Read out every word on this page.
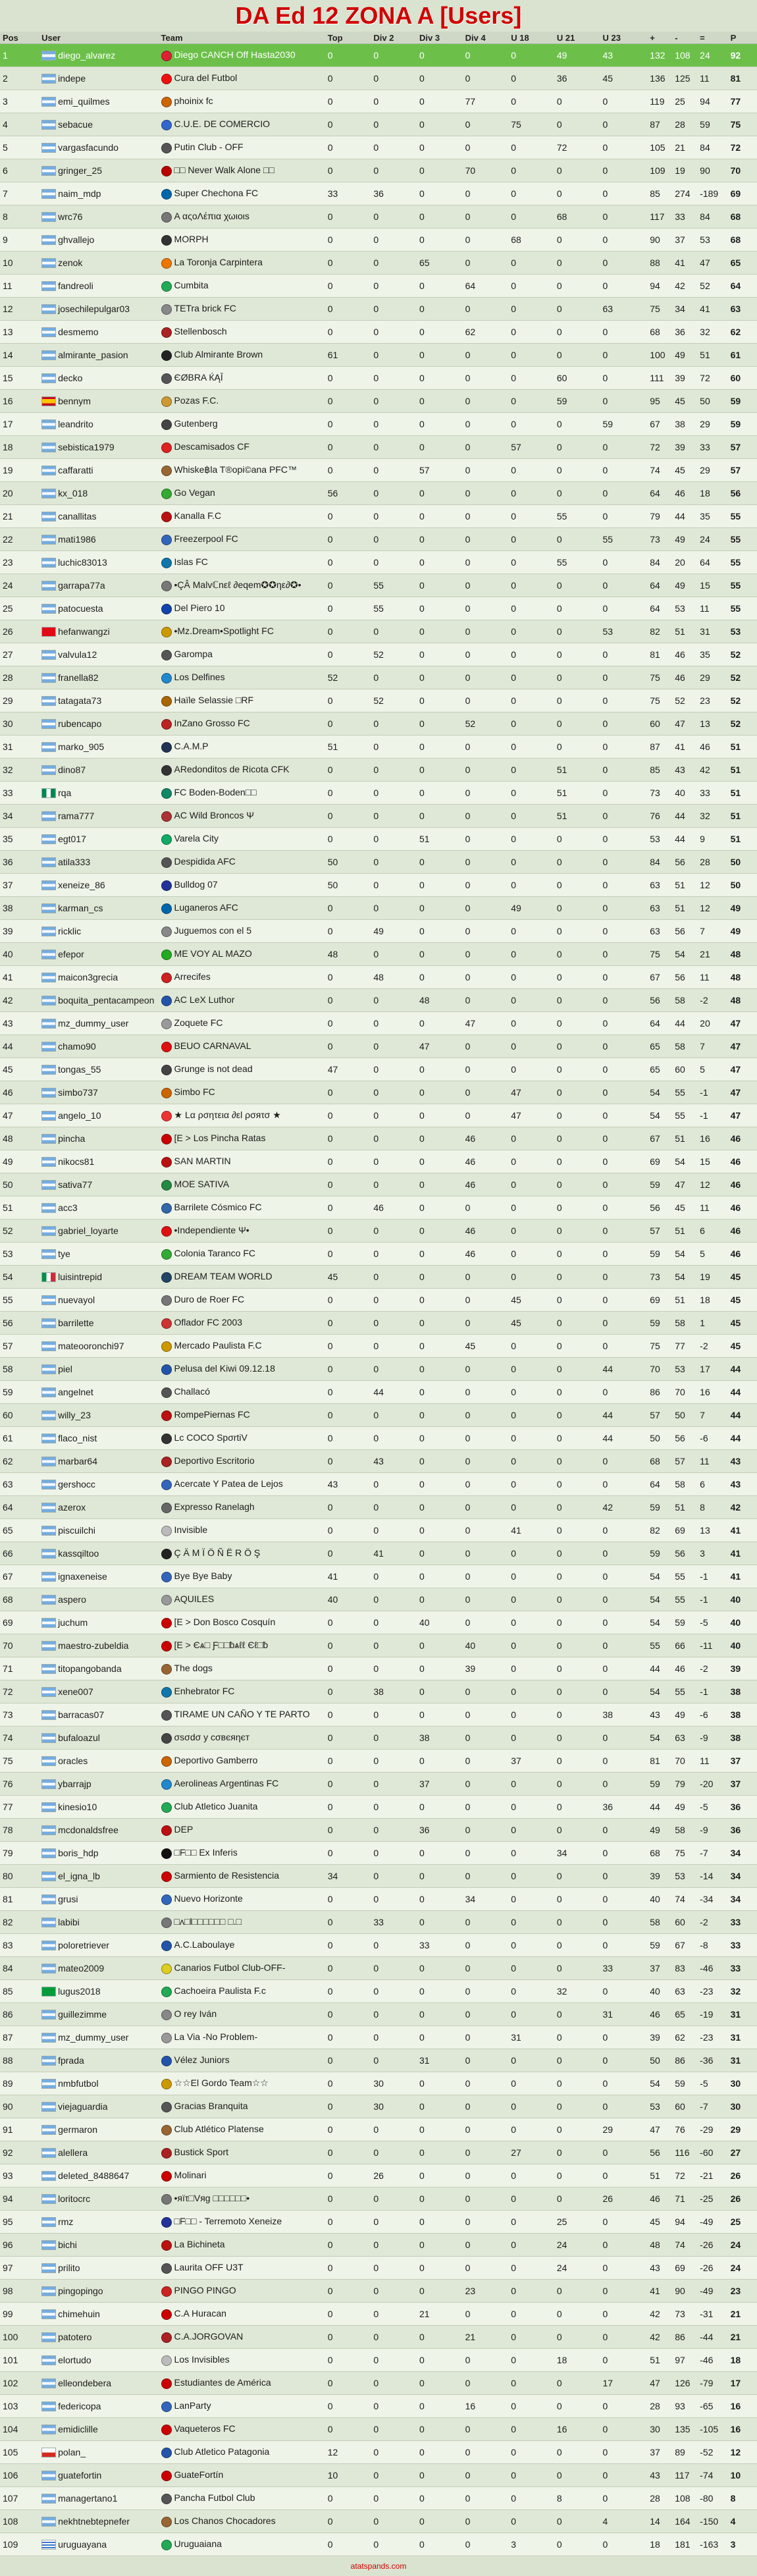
DA Ed 12 ZONA A [Users]
Pos	User	Team	Top	Div 2	Div 3	Div 4	U 18	U 21	U 23	+	-	=	P
1	diego_alvarez	Diego CANCH Off Hasta2030	0	0	0	0	0	49	43	132	108	24	92
2	indepe	Cura del Futbol	0	0	0	0	0	36	45	136	125	11	81
3	emi_quilmes	phoinix fc	0	0	0	77	0	0	0	119	25	94	77
4	sebacue	C.U.E. DE COMERCIO	0	0	0	0	75	0	0	87	28	59	75
5	vargasfacundo	Putin Club - OFF	0	0	0	0	0	72	0	105	21	84	72
6	gringer_25	□□ Never Walk Alone □□	0	0	0	70	0	0	0	109	19	90	70
7	naim_mdp	Super Chechona FC	33	36	0	0	0	0	0	85	274	-189	69
8	wrc76	A αςοΛέπια χωιοιs	0	0	0	0	0	68	0	117	33	84	68
9	ghvallejo	MORPH	0	0	0	0	68	0	0	90	37	53	68
10	zenok	La Toronja Carpintera	0	0	65	0	0	0	0	88	41	47	65
11	fandreoli	Cumbita	0	0	0	64	0	0	0	94	42	52	64
12	josechilepulgar03	TETra brick FC	0	0	0	0	0	0	63	75	34	41	63
13	desmemo	Stellenbosch	0	0	0	62	0	0	0	68	36	32	62
14	almirante_pasion	Club Almirante Brown	61	0	0	0	0	0	0	100	49	51	61
15	decko	ЄØBRA ЌĄĪ	0	0	0	0	0	60	0	111	39	72	60
16	bennym	Pozas F.C.	0	0	0	0	0	59	0	95	45	50	59
17	leandrito	Gutenberg	0	0	0	0	0	0	59	67	38	29	59
18	sebistica1979	Descamisados CF	0	0	0	0	57	0	0	72	39	33	57
19	caffaratti	Whiske฿la T®opi©ana PFC™	0	0	57	0	0	0	0	74	45	29	57
20	kx_018	Go Vegan	56	0	0	0	0	0	0	64	46	18	56
21	canallitas	Kanalla F.C	0	0	0	0	0	55	0	79	44	35	55
22	mati1986	Freezerpool FC	0	0	0	0	0	0	55	73	49	24	55
23	luchic83013	Islas FC	0	0	0	0	0	55	0	84	20	64	55
24	garrapa77a	•ÇÂ Malvℂnεℓ ∂eqem✪✪ηε∂✪•	0	55	0	0	0	0	0	64	49	15	55
25	patocuesta	Del Piero 10	0	55	0	0	0	0	0	64	53	11	55
26	hefanwangzi	•Mz.Dream•Spotlight FC	0	0	0	0	0	0	53	82	51	31	53
27	valvula12	Garompa	0	52	0	0	0	0	0	81	46	35	52
28	franella82	Los Delfines	52	0	0	0	0	0	0	75	46	29	52
29	tatagata73	Haïle Selassie □RF	0	52	0	0	0	0	0	75	52	23	52
30	rubencapo	InZano Grosso FC	0	0	0	52	0	0	0	60	47	13	52
31	marko_905	C.A.M.P	51	0	0	0	0	0	0	87	41	46	51
32	dino87	ARedonditos de Ricota CFK	0	0	0	0	0	51	0	85	43	42	51
33	rqa	FC Boden-Boden□□	0	0	0	0	0	51	0	73	40	33	51
34	rama777	AC Wild Broncos Ψ	0	0	0	0	0	51	0	76	44	32	51
35	egt017	Varela City	0	0	51	0	0	0	0	53	44	9	51
36	atila333	Despidida AFC	50	0	0	0	0	0	0	84	56	28	50
37	xeneize_86	Bulldog 07	50	0	0	0	0	0	0	63	51	12	50
38	karman_cs	Luganeros AFC	0	0	0	0	49	0	0	63	51	12	49
39	ricklic	Juguemos con el 5	0	49	0	0	0	0	0	63	56	7	49
40	efepor	ME VOY AL MAZO	48	0	0	0	0	0	0	75	54	21	48
41	maicon3grecia	Arrecifes	0	48	0	0	0	0	0	67	56	11	48
42	boquita_pentacampeon	AC LeX Luthor	0	0	48	0	0	0	0	56	58	-2	48
43	mz_dummy_user	Zoquete FC	0	0	0	47	0	0	0	64	44	20	47
44	chamo90	BEUO CARNAVAL	0	0	47	0	0	0	0	65	58	7	47
45	tongas_55	Grunge is not dead	47	0	0	0	0	0	0	65	60	5	47
46	simbo737	Simbo FC	0	0	0	0	47	0	0	54	55	-1	47
47	angelo_10	★ Lα ρσητεια ∂εl ρσяτσ ★	0	0	0	0	47	0	0	54	55	-1	47
48	pincha	[E > Los Pincha Ratas	0	0	0	46	0	0	0	67	51	16	46
49	nikocs81	SAN MARTIN	0	0	0	46	0	0	0	69	54	15	46
50	sativa77	MOE SATIVA	0	0	0	46	0	0	0	59	47	12	46
51	acc3	Barrilete Cósmico FC	0	46	0	0	0	0	0	56	45	11	46
52	gabriel_loyarte	•Independiente Ψ•	0	0	0	46	0	0	0	57	51	6	46
53	tye	Colonia Taranco FC	0	0	0	46	0	0	0	59	54	5	46
54	luisintrepid	DREAM TEAM WORLD	45	0	0	0	0	0	0	73	54	19	45
55	nuevayol	Duro de Roer FC	0	0	0	0	45	0	0	69	51	18	45
56	barrilette	Oflador FC 2003	0	0	0	0	45	0	0	59	58	1	45
57	mateooronchi97	Mercado Paulista F.C	0	0	0	45	0	0	0	75	77	-2	45
58	piel	Pelusa del Kiwi 09.12.18	0	0	0	0	0	0	44	70	53	17	44
59	angelnet	Challacó	0	44	0	0	0	0	0	86	70	16	44
60	willy_23	RompePiernas FC	0	0	0	0	0	0	44	57	50	7	44
61	flaco_nist	Lc COCO SpσrtiV	0	0	0	0	0	0	44	50	56	-6	44
62	marbar64	Deportivo Escritorio	0	43	0	0	0	0	0	68	57	11	43
63	gershocc	Acercate Y Patea de Lejos	43	0	0	0	0	0	0	64	58	6	43
64	azerox	Expresso Ranelagh	0	0	0	0	0	0	42	59	51	8	42
65	piscuilchi	Invisible	0	0	0	0	41	0	0	82	69	13	41
66	kassqiltoo	Ç Ä M Ï Ö Ñ Ë R Ö Ş	0	41	0	0	0	0	0	59	56	3	41
67	ignaxeneise	Bye Bye Baby	41	0	0	0	0	0	0	54	55	-1	41
68	aspero	AQUILES	40	0	0	0	0	0	0	54	55	-1	40
69	juchum	[E > Don Bosco Cosquín	0	0	40	0	0	0	0	54	59	-5	40
70	maestro-zubeldia	[E > Єѧ□ Ƒ□□ƀѧℓℓ Єℓ□ƀ	0	0	0	40	0	0	0	55	66	-11	40
71	titopangobanda	The dogs	0	0	0	39	0	0	0	44	46	-2	39
72	xene007	Enhebrator FC	0	38	0	0	0	0	0	54	55	-1	38
73	barracas07	TIRAME UN CAÑO Y TE PARTO	0	0	0	0	0	0	38	43	49	-6	38
74	bufaloazul	σsσdσ y cσвєяηєт	0	0	38	0	0	0	0	54	63	-9	38
75	oracles	Deportivo Gamberro	0	0	0	0	37	0	0	81	70	11	37
76	ybarrajp	Aerolineas Argentinas FC	0	0	37	0	0	0	0	59	79	-20	37
77	kinesio10	Club Atletico Juanita	0	0	0	0	0	0	36	44	49	-5	36
78	mcdonaldsfree	DEP	0	0	36	0	0	0	0	49	58	-9	36
79	boris_hdp	□F□□ Ex Inferis	0	0	0	0	0	34	0	68	75	-7	34
80	el_igna_lb	Sarmiento de Resistencia	34	0	0	0	0	0	0	39	53	-14	34
81	grusi	Nuevo Horizonte	0	0	0	34	0	0	0	40	74	-34	34
82	labibi	□ʌ□l□□□□□□ □.□	0	33	0	0	0	0	0	58	60	-2	33
83	poloretriever	A.C.Laboulaye	0	0	33	0	0	0	0	59	67	-8	33
84	mateo2009	Canarios Futbol Club-OFF-	0	0	0	0	0	0	33	37	83	-46	33
85	lugus2018	Cachoeira Paulista F.c	0	0	0	0	0	32	0	40	63	-23	32
86	guillezimme	O rey Iván	0	0	0	0	0	0	31	46	65	-19	31
87	mz_dummy_user	La Via -No Problem-	0	0	0	0	31	0	0	39	62	-23	31
88	fprada	Vélez Juniors	0	0	31	0	0	0	0	50	86	-36	31
89	nmbfutbol	☆☆El Gordo Team☆☆	0	30	0	0	0	0	0	54	59	-5	30
90	viejaguardia	Gracias Branquita	0	30	0	0	0	0	0	53	60	-7	30
91	germaron	Club Atlético Platense	0	0	0	0	0	0	29	47	76	-29	29
92	alellera	Bustick Sport	0	0	0	0	27	0	0	56	116	-60	27
93	deleted_8488647	Molinari	0	26	0	0	0	0	0	51	72	-21	26
94	loritocrc	•яïτ□Vяɡ □□□□□□•	0	0	0	0	0	0	26	46	71	-25	26
95	rmz	□F□□ - Terremoto Xeneize	0	0	0	0	0	25	0	45	94	-49	25
96	bichi	La Bichineta	0	0	0	0	0	24	0	48	74	-26	24
97	prilito	Laurita OFF U3T	0	0	0	0	0	24	0	43	69	-26	24
98	pingopingo	PINGO PINGO	0	0	0	23	0	0	0	41	90	-49	23
99	chimehuin	C.A Huracan	0	0	21	0	0	0	0	42	73	-31	21
100	patotero	C.A.JORGOVAN	0	0	0	21	0	0	0	42	86	-44	21
101	elortudo	Los Invisibles	0	0	0	0	0	18	0	51	97	-46	18
102	elleondebera	Estudiantes de América	0	0	0	0	0	0	17	47	126	-79	17
103	federicopa	LanParty	0	0	0	16	0	0	0	28	93	-65	16
104	emidiclille	Vaqueteros FC	0	0	0	0	0	16	0	30	135	-105	16
105	polan_	Club Atletico Patagonia	12	0	0	0	0	0	0	37	89	-52	12
106	guatefortin	GuateFortín	10	0	0	0	0	0	0	43	117	-74	10
107	managertano1	Pancha Futbol Club	0	0	0	0	0	8	0	28	108	-80	8
108	nekhtnebtepnefer	Los Chanos Chocadores	0	0	0	0	0	0	4	14	164	-150	4
109	uruguayana	Uruguaiana	0	0	0	0	3	0	0	18	181	-163	3
atatspands.com
